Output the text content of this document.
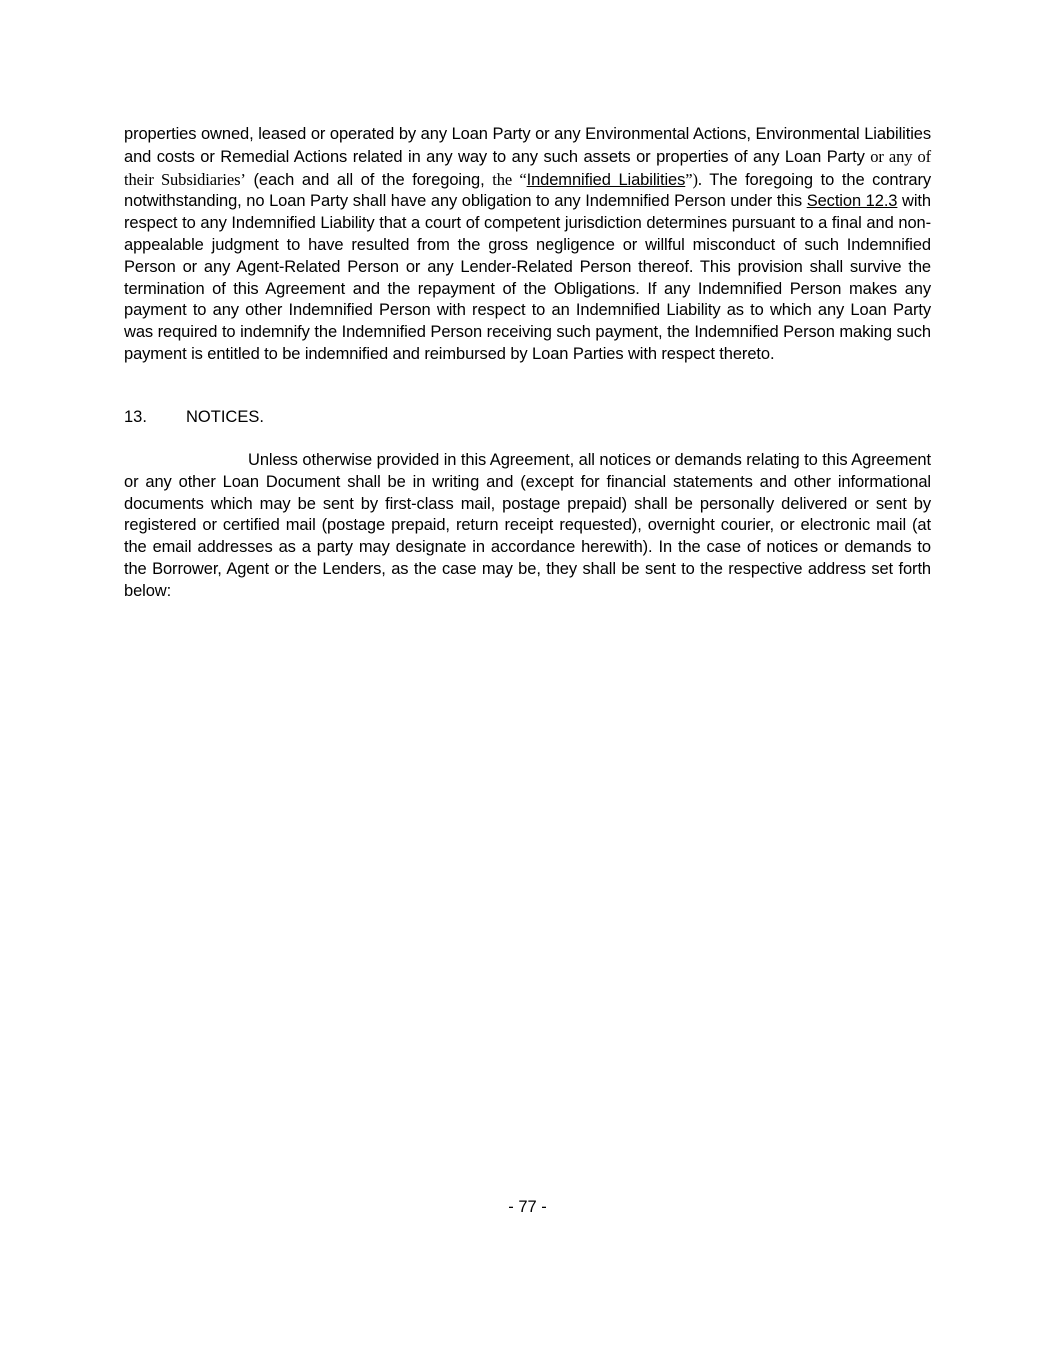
properties owned, leased or operated by any Loan Party or any Environmental Actions, Environmental Liabilities and costs or Remedial Actions related in any way to any such assets or properties of any Loan Party or any of their Subsidiaries’ (each and all of the foregoing, the “Indemnified Liabilities”). The foregoing to the contrary notwithstanding, no Loan Party shall have any obligation to any Indemnified Person under this Section 12.3 with respect to any Indemnified Liability that a court of competent jurisdiction determines pursuant to a final and non-appealable judgment to have resulted from the gross negligence or willful misconduct of such Indemnified Person or any Agent-Related Person or any Lender-Related Person thereof. This provision shall survive the termination of this Agreement and the repayment of the Obligations. If any Indemnified Person makes any payment to any other Indemnified Person with respect to an Indemnified Liability as to which any Loan Party was required to indemnify the Indemnified Person receiving such payment, the Indemnified Person making such payment is entitled to be indemnified and reimbursed by Loan Parties with respect thereto.

13. NOTICES.

Unless otherwise provided in this Agreement, all notices or demands relating to this Agreement or any other Loan Document shall be in writing and (except for financial statements and other informational documents which may be sent by first-class mail, postage prepaid) shall be personally delivered or sent by registered or certified mail (postage prepaid, return receipt requested), overnight courier, or electronic mail (at the email addresses as a party may designate in accordance herewith). In the case of notices or demands to the Borrower, Agent or the Lenders, as the case may be, they shall be sent to the respective address set forth below:

- 77 -
